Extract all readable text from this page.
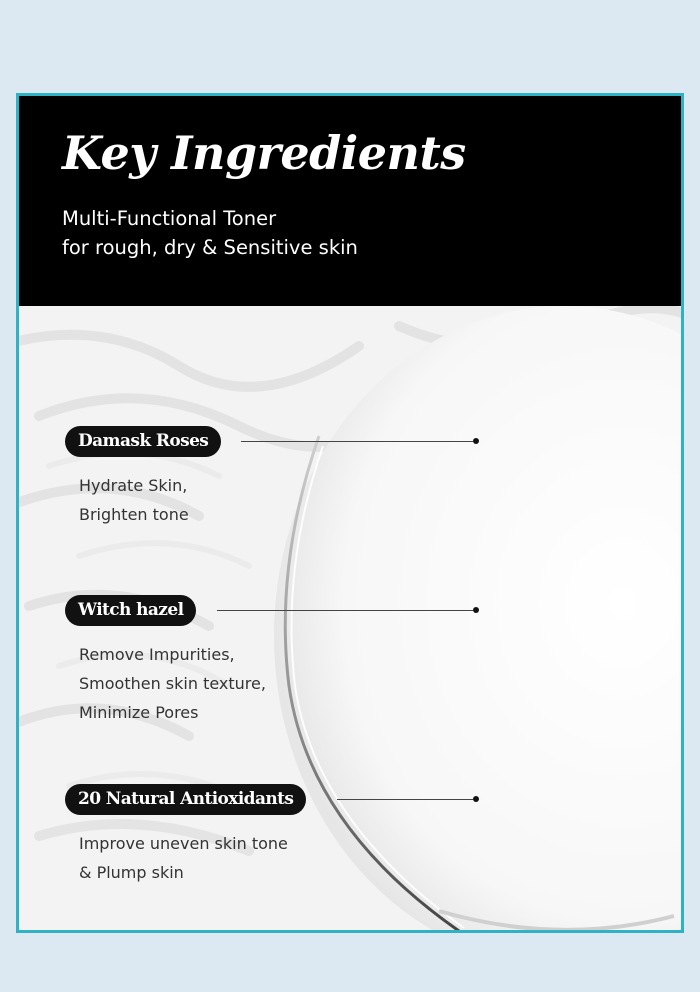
Key Ingredients
Multi-Functional Toner
for rough, dry & Sensitive skin
Damask Roses
Hydrate Skin,
Brighten tone
Witch hazel
Remove Impurities,
Smoothen skin texture,
Minimize Pores
20 Natural Antioxidants
Improve uneven skin tone
& Plump skin
